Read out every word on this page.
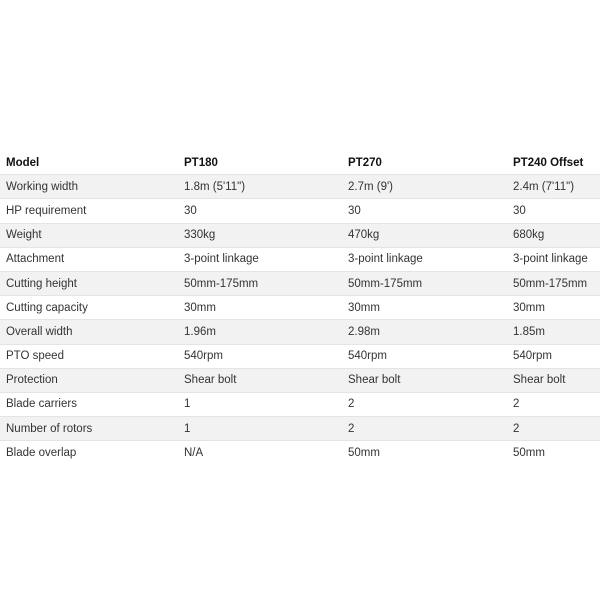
Model	PT180	PT270	PT240 Offset
Working width	1.8m (5'11")	2.7m (9')	2.4m (7'11")
HP requirement	30	30	30
Weight	330kg	470kg	680kg
Attachment	3-point linkage	3-point linkage	3-point linkage
Cutting height	50mm-175mm	50mm-175mm	50mm-175mm
Cutting capacity	30mm	30mm	30mm
Overall width	1.96m	2.98m	1.85m
PTO speed	540rpm	540rpm	540rpm
Protection	Shear bolt	Shear bolt	Shear bolt
Blade carriers	1	2	2
Number of rotors	1	2	2
Blade overlap	N/A	50mm	50mm
